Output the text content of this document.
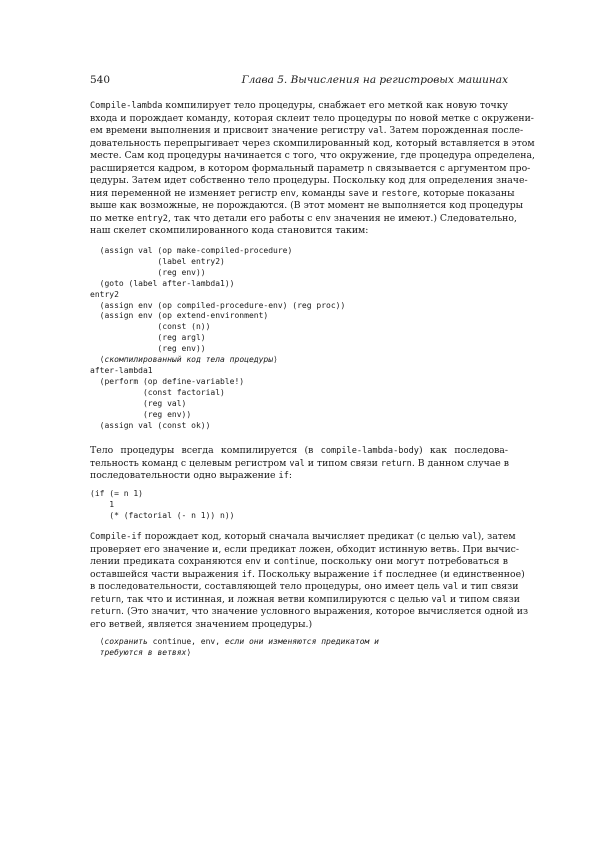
540	Глава 5. Вычисления на регистровых машинах
Compile-lambda компилирует тело процедуры, снабжает его меткой как новую точку
входа и порождает команду, которая склеит тело процедуры по новой метке с окружени-
ем времени выполнения и присвоит значение регистру val. Затем порожденная после-
довательность перепрыгивает через скомпилированный код, который вставляется в этом
месте. Сам код процедуры начинается с того, что окружение, где процедура определена,
расширяется кадром, в котором формальный параметр n связывается с аргументом про-
цедуры. Затем идет собственно тело процедуры. Поскольку код для определения значе-
ния переменной не изменяет регистр env, команды save и restore, которые показаны
выше как возможные, не порождаются. (В этот момент не выполняется код процедуры
по метке entry2, так что детали его работы с env значения не имеют.) Следовательно,
наш скелет скомпилированного кода становится таким:
(assign val (op make-compiled-procedure)
(label entry2)
(reg env))
(goto (label after-lambda1))
entry2
(assign env (op compiled-procedure-env) (reg proc))
(assign env (op extend-environment)
(const (n))
(reg argl)
(reg env))
⟨скомпилированный код тела процедуры⟩
after-lambda1
(perform (op define-variable!)
(const factorial)
(reg val)
(reg env))
(assign val (const ok))
Тело процедуры всегда компилируется (в compile-lambda-body) как последова-
тельность команд с целевым регистром val и типом связи return. В данном случае в
последовательности одно выражение if:
(if (= n 1)
1
(* (factorial (- n 1)) n))
Compile-if порождает код, который сначала вычисляет предикат (с целью val), затем
проверяет его значение и, если предикат ложен, обходит истинную ветвь. При вычис-
лении предиката сохраняются env и continue, поскольку они могут потребоваться в
оставшейся части выражения if. Поскольку выражение if последнее (и единственное)
в последовательности, составляющей тело процедуры, оно имеет цель val и тип связи
return, так что и истинная, и ложная ветви компилируются с целью val и типом связи
return. (Это значит, что значение условного выражения, которое вычисляется одной из
его ветвей, является значением процедуры.)
⟨сохранить continue, env, если они изменяются предикатом и
требуются в ветвях⟩
